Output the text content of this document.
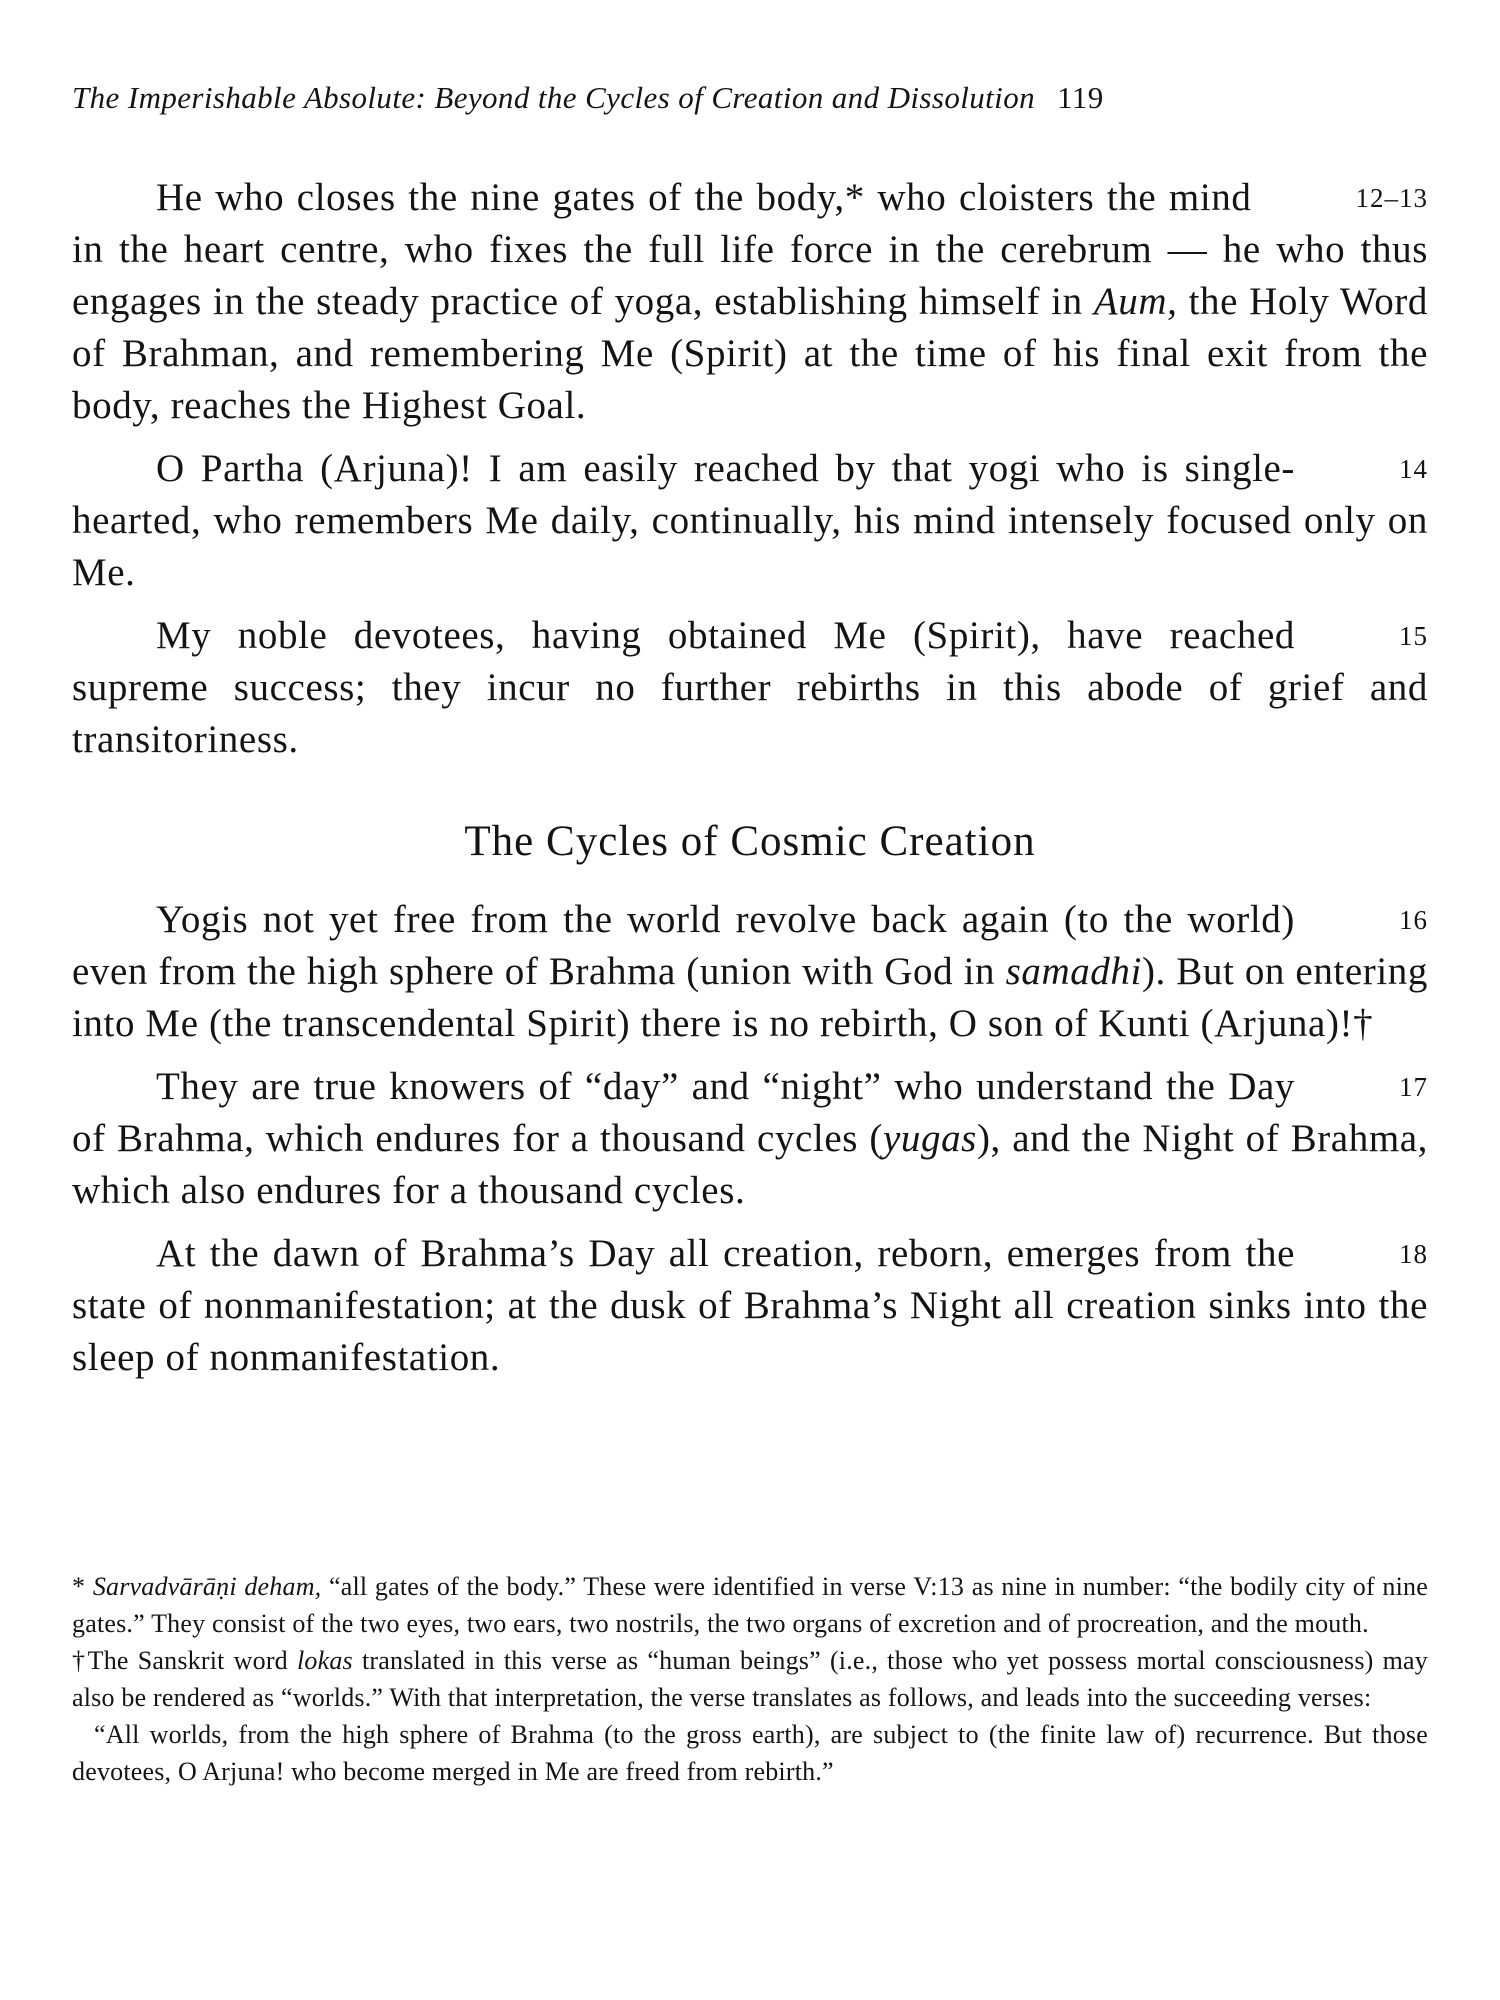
The Imperishable Absolute: Beyond the Cycles of Creation and Dissolution 119

12–13
He who closes the nine gates of the body,* who cloisters the mind in the heart centre, who fixes the full life force in the cerebrum — he who thus engages in the steady practice of yoga, establishing himself in Aum, the Holy Word of Brahman, and remembering Me (Spirit) at the time of his final exit from the body, reaches the Highest Goal.

14
O Partha (Arjuna)! I am easily reached by that yogi who is single-hearted, who remembers Me daily, continually, his mind intensely focused only on Me.

15
My noble devotees, having obtained Me (Spirit), have reached supreme success; they incur no further rebirths in this abode of grief and transitoriness.

The Cycles of Cosmic Creation

16
Yogis not yet free from the world revolve back again (to the world) even from the high sphere of Brahma (union with God in samadhi). But on entering into Me (the transcendental Spirit) there is no rebirth, O son of Kunti (Arjuna)!†

17
They are true knowers of “day” and “night” who understand the Day of Brahma, which endures for a thousand cycles (yugas), and the Night of Brahma, which also endures for a thousand cycles.

18
At the dawn of Brahma’s Day all creation, reborn, emerges from the state of nonmanifestation; at the dusk of Brahma’s Night all creation sinks into the sleep of nonmanifestation.

* Sarvadvārāṇi deham, “all gates of the body.” These were identified in verse V:13 as nine in number: “the bodily city of nine gates.” They consist of the two eyes, two ears, two nostrils, the two organs of excretion and of procreation, and the mouth.

†The Sanskrit word lokas translated in this verse as “human beings” (i.e., those who yet possess mortal consciousness) may also be rendered as “worlds.” With that interpretation, the verse translates as follows, and leads into the succeeding verses:

“All worlds, from the high sphere of Brahma (to the gross earth), are subject to (the finite law of) recurrence. But those devotees, O Arjuna! who become merged in Me are freed from rebirth.”
